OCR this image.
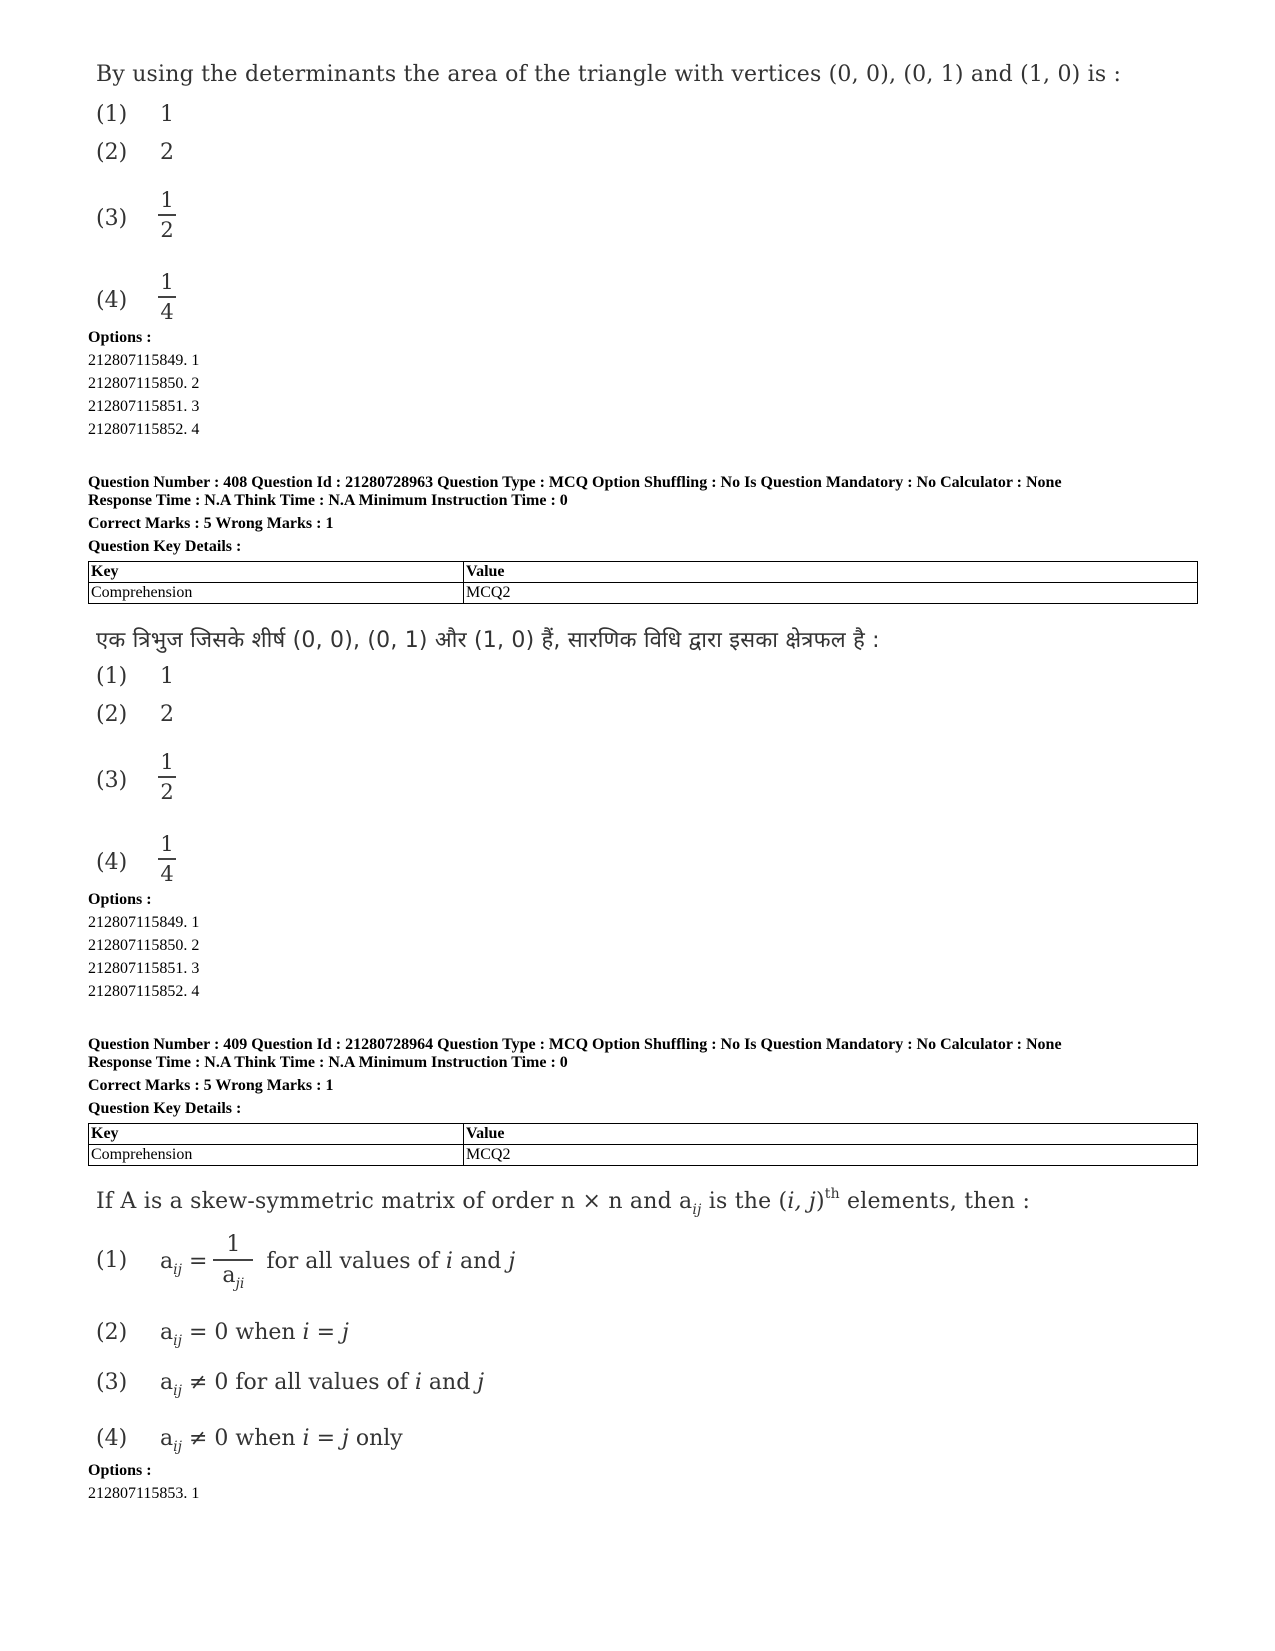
By using the determinants the area of the triangle with vertices (0, 0), (0, 1) and (1, 0) is :
(1) 1
(2) 2
(3)
1
2
(4)
1
4
Options :
212807115849. 1
212807115850. 2
212807115851. 3
212807115852. 4
Question Number : 408 Question Id : 21280728963 Question Type : MCQ Option Shuffling : No Is Question Mandatory : No Calculator : None
Response Time : N.A Think Time : N.A Minimum Instruction Time : 0
Correct Marks : 5 Wrong Marks : 1
Question Key Details :
Key	Value
Comprehension	MCQ2
एक त्रिभुज जिसके शीर्ष (0, 0), (0, 1) और (1, 0) हैं, सारणिक विधि द्वारा इसका क्षेत्रफल है :
(1) 1
(2) 2
(3)
1
2
(4)
1
4
Options :
212807115849. 1
212807115850. 2
212807115851. 3
212807115852. 4
Question Number : 409 Question Id : 21280728964 Question Type : MCQ Option Shuffling : No Is Question Mandatory : No Calculator : None
Response Time : N.A Think Time : N.A Minimum Instruction Time : 0
Correct Marks : 5 Wrong Marks : 1
Question Key Details :
Key	Value
Comprehension	MCQ2
If A is a skew-symmetric matrix of order n × n and $a_{ij}$ is the (i, j)$^{th}$ elements, then :
(1) $a_{ij}$ =
1
$a_{ji}$
for all values of i and j
(2) $a_{ij} = 0$ when i = j
(3) $a_{ij} \ne 0$ for all values of i and j
(4) $a_{ij} \ne 0$ when i = j only
Options :
212807115853. 1
